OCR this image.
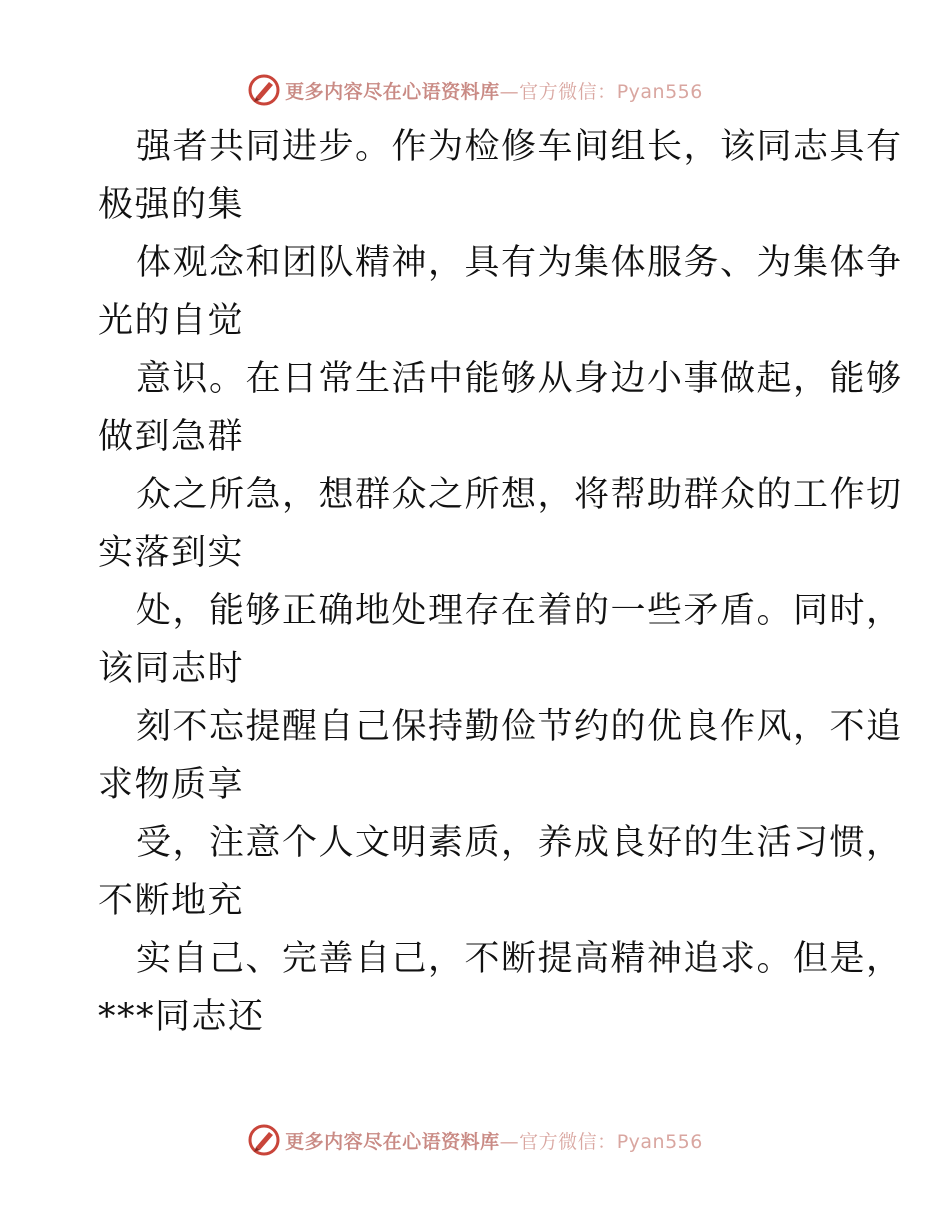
更多内容尽在心语资料库—官方微信：Pyan556
强者共同进步。作为检修车间组长，该同志具有
极强的集
体观念和团队精神，具有为集体服务、为集体争
光的自觉
意识。在日常生活中能够从身边小事做起，能够
做到急群
众之所急，想群众之所想，将帮助群众的工作切
实落到实
处，能够正确地处理存在着的一些矛盾。同时，
该同志时
刻不忘提醒自己保持勤俭节约的优良作风，不追
求物质享
受，注意个人文明素质，养成良好的生活习惯，
不断地充
实自己、完善自己，不断提高精神追求。但是，
***同志还
更多内容尽在心语资料库—官方微信：Pyan556
